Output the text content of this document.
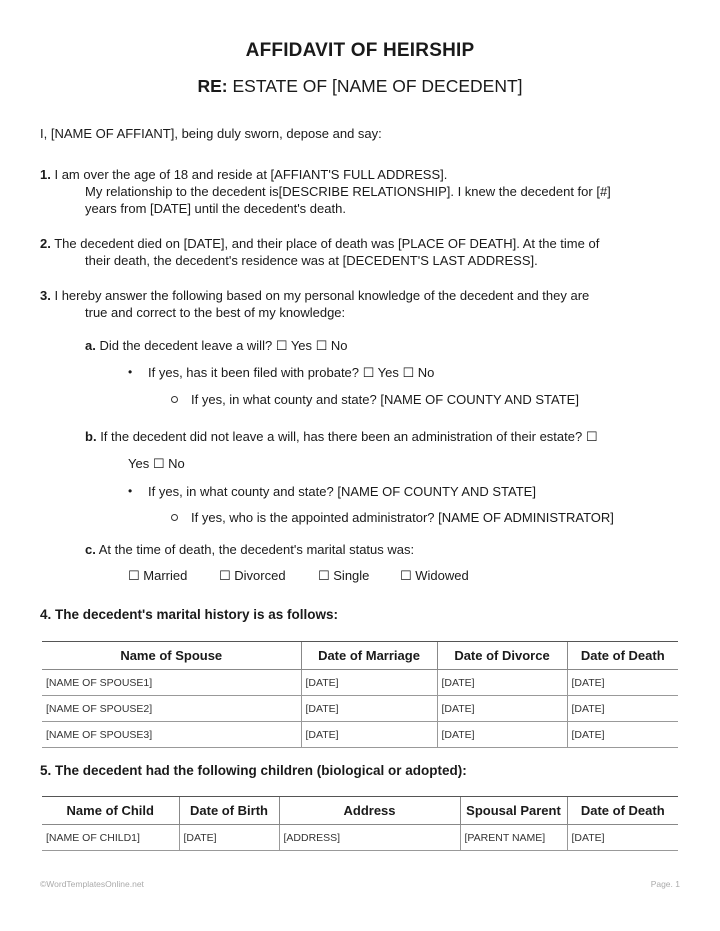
AFFIDAVIT OF HEIRSHIP
RE: ESTATE OF [NAME OF DECEDENT]
I, [NAME OF AFFIANT], being duly sworn, depose and say:
1. I am over the age of 18 and reside at [AFFIANT'S FULL ADDRESS].
My relationship to the decedent is[DESCRIBE RELATIONSHIP]. I knew the decedent for [#]
years from [DATE] until the decedent's death.
2. The decedent died on [DATE], and their place of death was [PLACE OF DEATH]. At the time of
their death, the decedent's residence was at [DECEDENT'S LAST ADDRESS].
3. I hereby answer the following based on my personal knowledge of the decedent and they are
true and correct to the best of my knowledge:
a. Did the decedent leave a will? ☐ Yes ☐ No
• If yes, has it been filed with probate? ☐ Yes ☐ No
If yes, in what county and state? [NAME OF COUNTY AND STATE]
b. If the decedent did not leave a will, has there been an administration of their estate? ☐
Yes ☐ No
• If yes, in what county and state? [NAME OF COUNTY AND STATE]
If yes, who is the appointed administrator? [NAME OF ADMINISTRATOR]
c. At the time of death, the decedent's marital status was:
☐ Married ☐ Divorced ☐ Single ☐ Widowed
4. The decedent's marital history is as follows:
Name of Spouse	Date of Marriage	Date of Divorce	Date of Death
[NAME OF SPOUSE1]	[DATE]	[DATE]	[DATE]
[NAME OF SPOUSE2]	[DATE]	[DATE]	[DATE]
[NAME OF SPOUSE3]	[DATE]	[DATE]	[DATE]
5. The decedent had the following children (biological or adopted):
Name of Child	Date of Birth	Address	Spousal Parent	Date of Death
[NAME OF CHILD1]	[DATE]	[ADDRESS]	[PARENT NAME]	[DATE]
©WordTemplatesOnline.net	Page. 1
